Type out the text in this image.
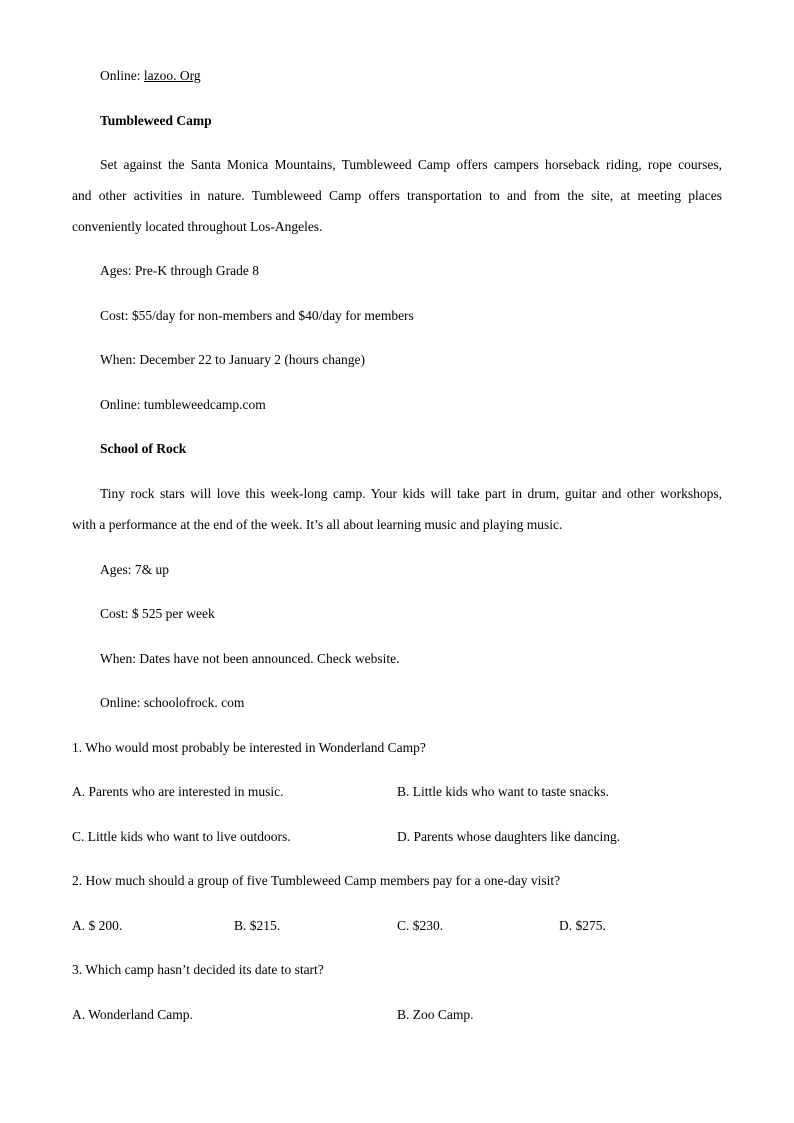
Online: lazoo. Org
Tumbleweed Camp
Set against the Santa Monica Mountains, Tumbleweed Camp offers campers horseback riding, rope courses,
and other activities in nature. Tumbleweed Camp offers transportation to and from the site, at meeting places
conveniently located throughout Los-Angeles.
Ages: Pre-K through Grade 8
Cost: $55/day for non-members and $40/day for members
When: December 22 to January 2 (hours change)
Online: tumbleweedcamp.com
School of Rock
Tiny rock stars will love this week-long camp. Your kids will take part in drum, guitar and other workshops,
with a performance at the end of the week. It’s all about learning music and playing music.
Ages: 7& up
Cost: $ 525 per week
When: Dates have not been announced. Check website.
Online: schoolofrock. com
1. Who would most probably be interested in Wonderland Camp?
A. Parents who are interested in music.	B. Little kids who want to taste snacks.
C. Little kids who want to live outdoors.	D. Parents whose daughters like dancing.
2. How much should a group of five Tumbleweed Camp members pay for a one-day visit?
A. $ 200.	B. $215.	C. $230.	D. $275.
3. Which camp hasn’t decided its date to start?
A. Wonderland Camp.	B. Zoo Camp.
